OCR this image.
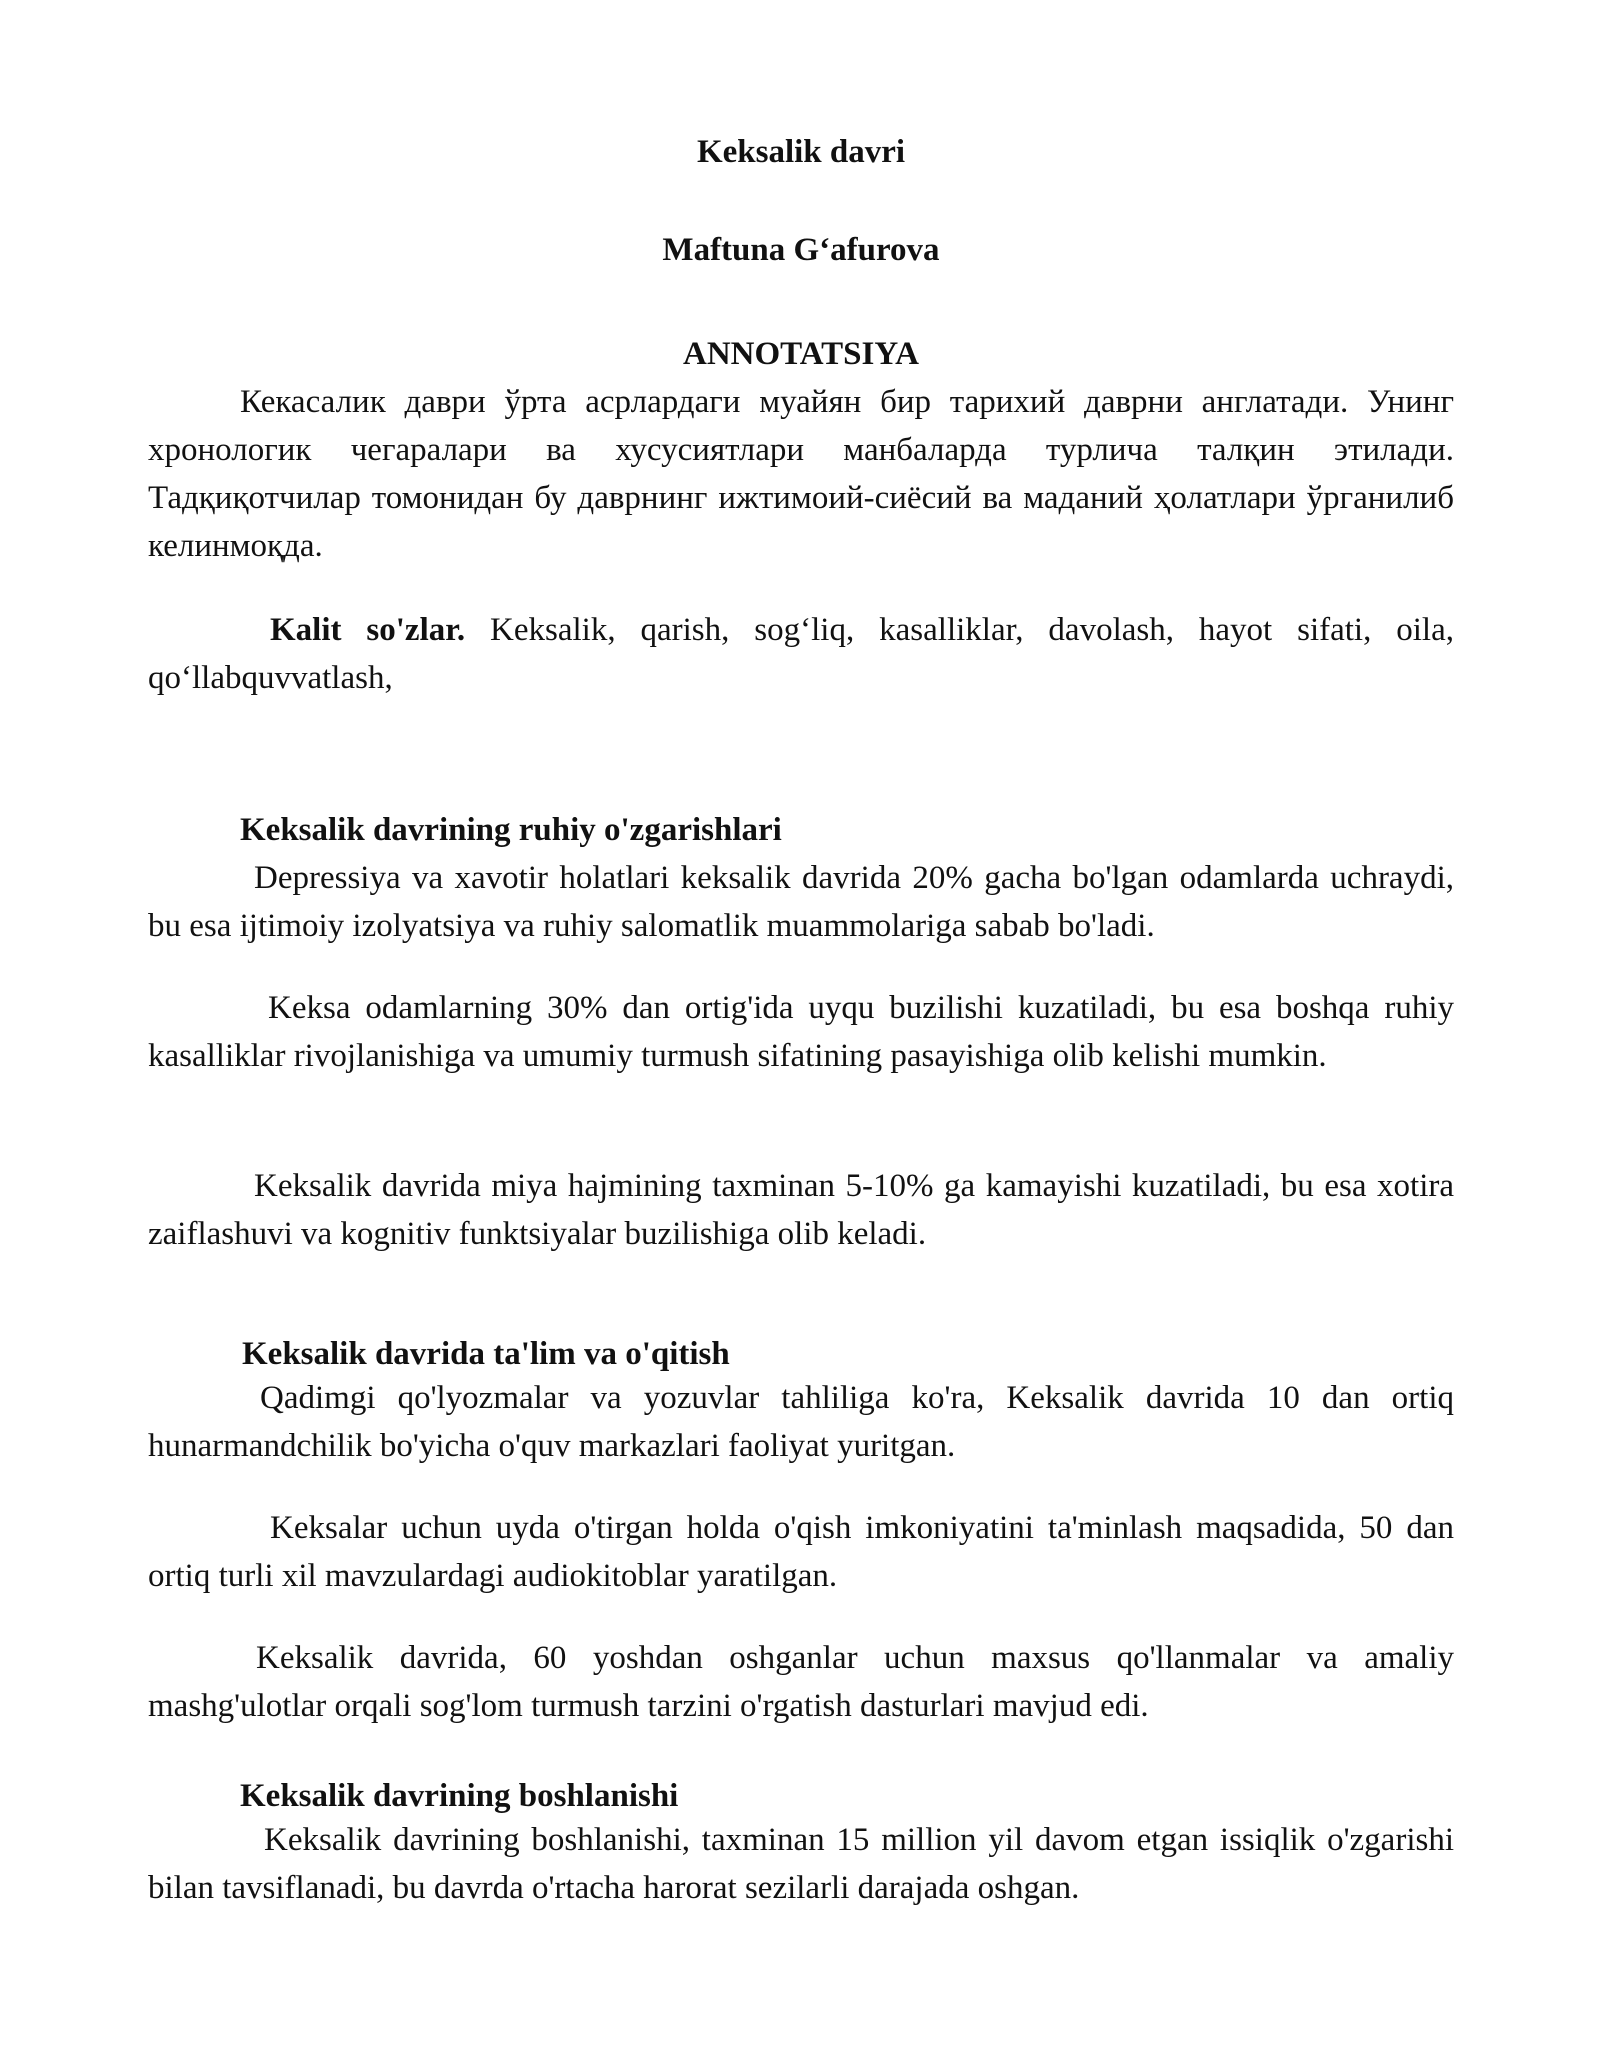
Keksalik davri

Maftuna G‘afurova

ANNOTATSIYA

Кекасалик даври ўрта асрлардаги муайян бир тарихий даврни англатади. Унинг хронологик чегаралари ва хусусиятлари манбаларда турлича талқин этилади. Тадқиқотчилар томонидан бу даврнинг ижтимоий-сиёсий ва маданий ҳолатлари ўрганилиб келинмоқда.

Kalit so'zlar. Keksalik, qarish, sog‘liq, kasalliklar, davolash, hayot sifati, oila, qo‘llabquvvatlash,

Keksalik davrining ruhiy o'zgarishlari

Depressiya va xavotir holatlari keksalik davrida 20% gacha bo'lgan odamlarda uchraydi, bu esa ijtimoiy izolyatsiya va ruhiy salomatlik muammolariga sabab bo'ladi.

Keksa odamlarning 30% dan ortig'ida uyqu buzilishi kuzatiladi, bu esa boshqa ruhiy kasalliklar rivojlanishiga va umumiy turmush sifatining pasayishiga olib kelishi mumkin.

Keksalik davrida miya hajmining taxminan 5-10% ga kamayishi kuzatiladi, bu esa xotira zaiflashuvi va kognitiv funktsiyalar buzilishiga olib keladi.

Keksalik davrida ta'lim va o'qitish

Qadimgi qo'lyozmalar va yozuvlar tahliliga ko'ra, Keksalik davrida 10 dan ortiq hunarmandchilik bo'yicha o'quv markazlari faoliyat yuritgan.

Keksalar uchun uyda o'tirgan holda o'qish imkoniyatini ta'minlash maqsadida, 50 dan ortiq turli xil mavzulardagi audiokitoblar yaratilgan.

Keksalik davrida, 60 yoshdan oshganlar uchun maxsus qo'llanmalar va amaliy mashg'ulotlar orqali sog'lom turmush tarzini o'rgatish dasturlari mavjud edi.

Keksalik davrining boshlanishi

Keksalik davrining boshlanishi, taxminan 15 million yil davom etgan issiqlik o'zgarishi bilan tavsiflanadi, bu davrda o'rtacha harorat sezilarli darajada oshgan.
